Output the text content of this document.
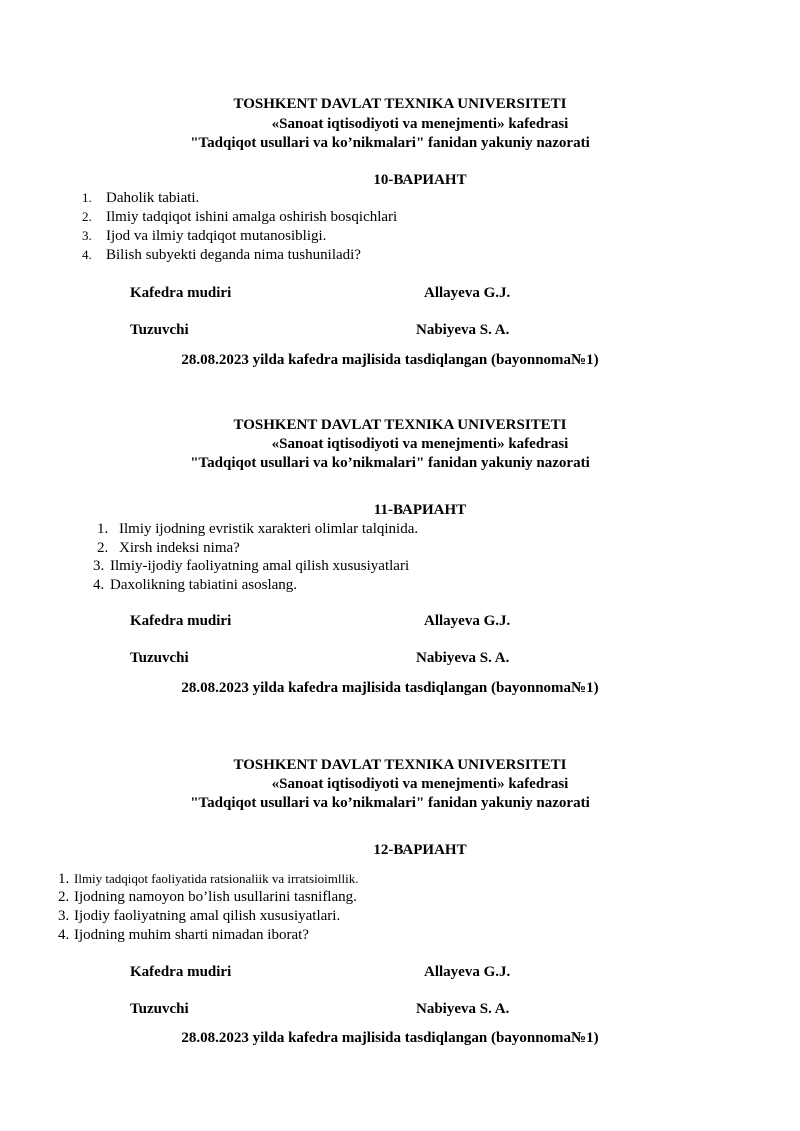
TOSHKENT DAVLAT TEXNIKA UNIVERSITETI
«Sanoat iqtisodiyoti va menejmenti» kafedrasi
"Tadqiqot usullari va ko’nikmalari" fanidan yakuniy nazorati
10-ВАРИАНТ
1. Daholik tabiati.
2. Ilmiy tadqiqot ishini amalga oshirish bosqichlari
3. Ijod va ilmiy tadqiqot mutanosibligi.
4. Bilish subyekti deganda nima tushuniladi?
Kafedra mudiri	Allayeva G.J.
Tuzuvchi	Nabiyeva S. A.
28.08.2023 yilda kafedra majlisida tasdiqlangan (bayonnoma№1)
TOSHKENT DAVLAT TEXNIKA UNIVERSITETI
«Sanoat iqtisodiyoti va menejmenti» kafedrasi
"Tadqiqot usullari va ko’nikmalari" fanidan yakuniy nazorati
11-ВАРИАНТ
1. Ilmiy ijodning evristik xarakteri olimlar talqinida.
2. Xirsh indeksi nima?
3. Ilmiy-ijodiy faoliyatning amal qilish xususiyatlari
4. Daxolikning tabiatini asoslang.
Kafedra mudiri	Allayeva G.J.
Tuzuvchi	Nabiyeva S. A.
28.08.2023 yilda kafedra majlisida tasdiqlangan (bayonnoma№1)
TOSHKENT DAVLAT TEXNIKA UNIVERSITETI
«Sanoat iqtisodiyoti va menejmenti» kafedrasi
"Tadqiqot usullari va ko’nikmalari" fanidan yakuniy nazorati
12-ВАРИАНТ
1. Ilmiy tadqiqot faoliyatida ratsionaliik va irratsioimllik.
2. Ijodning namoyon bo’lish usullarini tasniflang.
3. Ijodiy faoliyatning amal qilish xususiyatlari.
4. Ijodning muhim sharti nimadan iborat?
Kafedra mudiri	Allayeva G.J.
Tuzuvchi	Nabiyeva S. A.
28.08.2023 yilda kafedra majlisida tasdiqlangan (bayonnoma№1)
